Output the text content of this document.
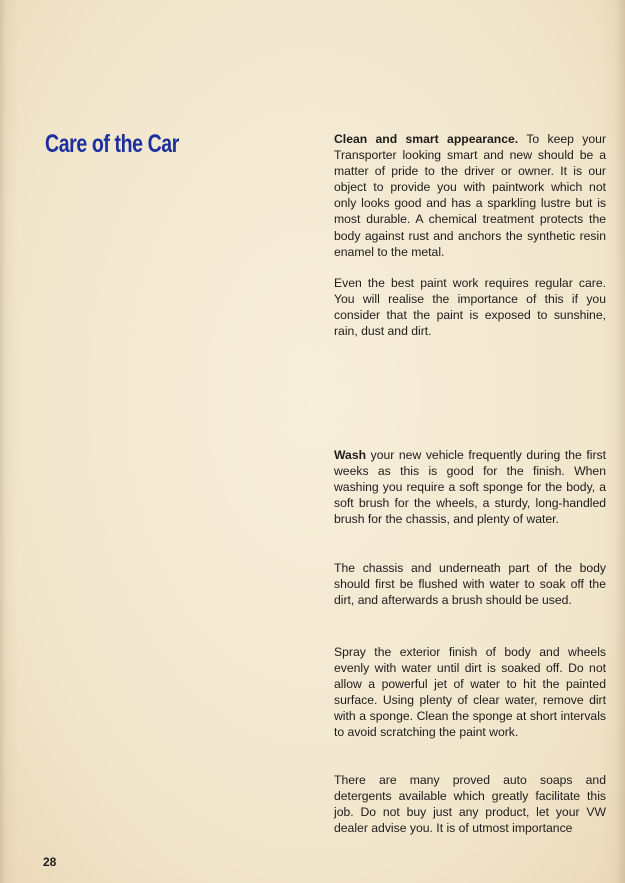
Care of the Car	Clean and smart appearance. To keep your Transporter looking smart and new should be a matter of pride to the driver or owner. It is our object to provide you with paintwork which not only looks good and has a sparkling lustre but is most durable. A chemical treatment protects the body against rust and anchors the synthetic resin enamel to the metal.

Even the best paint work requires regular care. You will realise the importance of this if you consider that the paint is exposed to sunshine, rain, dust and dirt.

Wash your new vehicle frequently during the first weeks as this is good for the finish. When washing you require a soft sponge for the body, a soft brush for the wheels, a sturdy, long-handled brush for the chassis, and plenty of water.

The chassis and underneath part of the body should first be flushed with water to soak off the dirt, and afterwards a brush should be used.

Spray the exterior finish of body and wheels evenly with water until dirt is soaked off. Do not allow a powerful jet of water to hit the painted surface. Using plenty of clear water, remove dirt with a sponge. Clean the sponge at short intervals to avoid scratching the paint work.

There are many proved auto soaps and detergents available which greatly facilitate this job. Do not buy just any product, let your VW dealer advise you. It is of utmost importance

28
